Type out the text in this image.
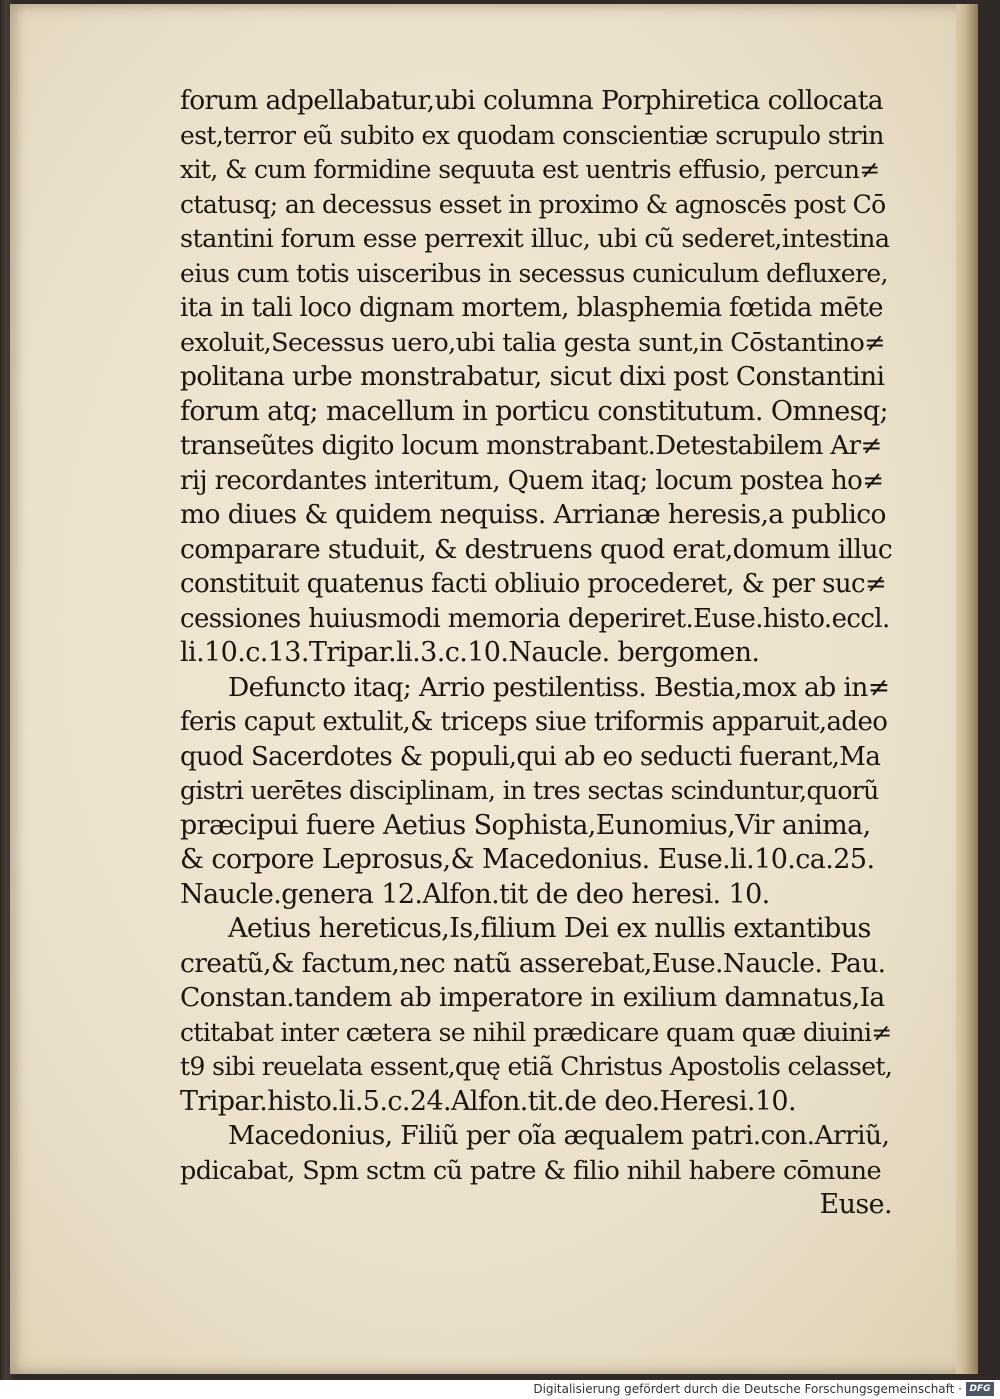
forum adpellabatur,ubi columna Porphiretica collocata
est,terror eũ subito ex quodam conscientiæ scrupulo strin
xit, & cum formidine sequuta est uentris effusio, percun≠
ctatusq; an decessus esset in proximo & agnoscēs post Cō
stantini forum esse perrexit illuc, ubi cũ sederet,intestina
eius cum totis uisceribus in secessus cuniculum defluxere,
ita in tali loco dignam mortem, blasphemia fœtida mēte
exoluit,Secessus uero,ubi talia gesta sunt,in Cōstantino≠
politana urbe monstrabatur, sicut dixi post Constantini
forum atq; macellum in porticu constitutum. Omnesq;
transeũtes digito locum monstrabant.Detestabilem Ar≠
rij recordantes interitum, Quem itaq; locum postea ho≠
mo diues & quidem nequiss. Arrianæ heresis,a publico
comparare studuit, & destruens quod erat,domum illuc
constituit quatenus facti obliuio procederet, & per suc≠
cessiones huiusmodi memoria deperiret.Euse.histo.eccl.
li.10.c.13.Tripar.li.3.c.10.Naucle. bergomen.
Defuncto itaq; Arrio pestilentiss. Bestia,mox ab in≠
feris caput extulit,& triceps siue triformis apparuit,adeo
quod Sacerdotes & populi,qui ab eo seducti fuerant,Ma
gistri uerētes disciplinam, in tres sectas scinduntur,quorũ
præcipui fuere Aetius Sophista,Eunomius,Vir anima,
& corpore Leprosus,& Macedonius. Euse.li.10.ca.25.
Naucle.genera 12.Alfon.tit de deo heresi. 10.
Aetius hereticus,Is,filium Dei ex nullis extantibus
creatũ,& factum,nec natũ asserebat,Euse.Naucle. Pau.
Constan.tandem ab imperatore in exilium damnatus,Ia
ctitabat inter cætera se nihil prædicare quam quæ diuini≠
t9 sibi reuelata essent,quę etiã Christus Apostolis celasset,
Tripar.histo.li.5.c.24.Alfon.tit.de deo.Heresi.10.
Macedonius, Filiũ per oĩa æqualem patri.con.Arriũ,
pdicabat, Spm sctm cũ patre & filio nihil habere cōmune
Euse.
Digitalisierung gefördert durch die Deutsche Forschungsgemeinschaft · DFG
